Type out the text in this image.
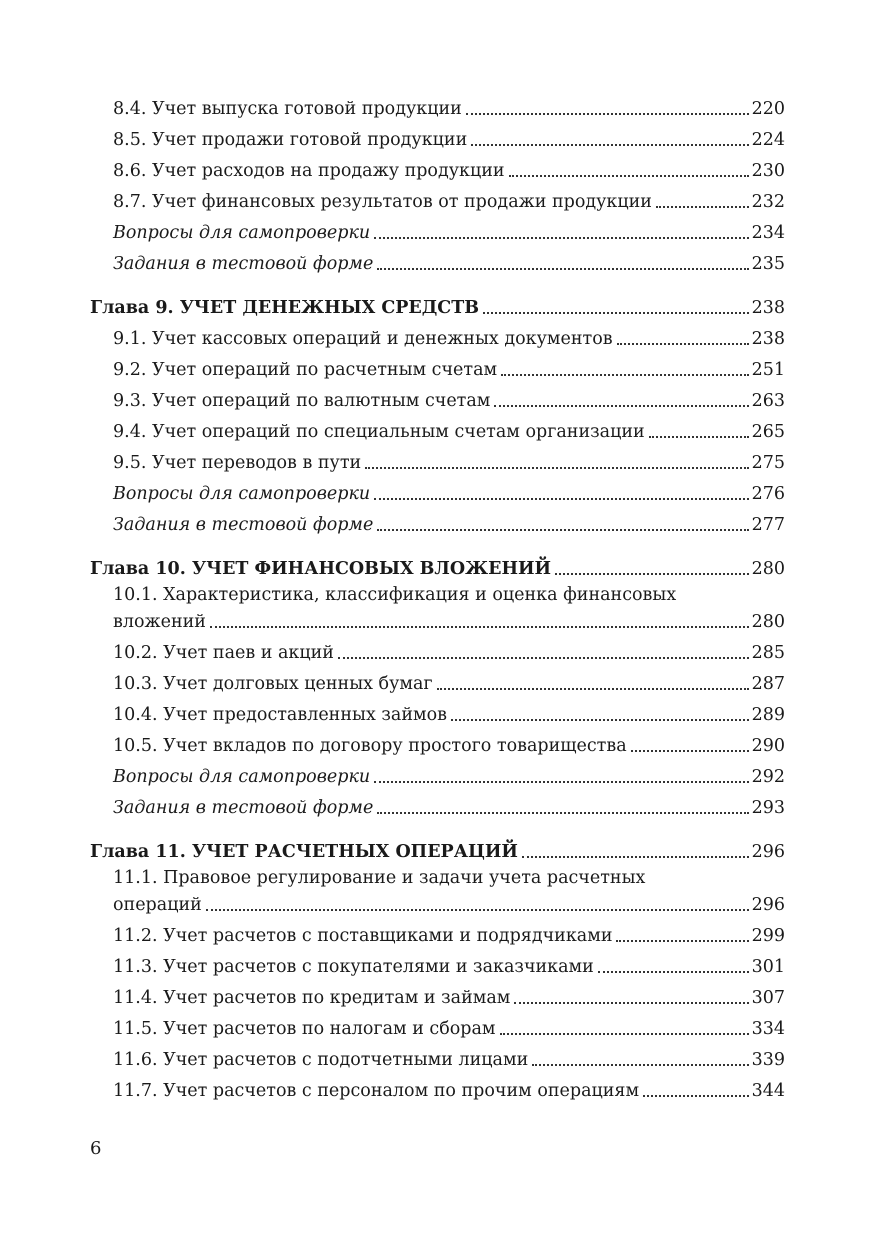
8.4. Учет выпуска готовой продукции	220
8.5. Учет продажи готовой продукции	224
8.6. Учет расходов на продажу продукции	230
8.7. Учет финансовых результатов от продажи продукции	232
Вопросы для самопроверки	234
Задания в тестовой форме	235
Глава 9. УЧЕТ ДЕНЕЖНЫХ СРЕДСТВ	238
9.1. Учет кассовых операций и денежных документов	238
9.2. Учет операций по расчетным счетам	251
9.3. Учет операций по валютным счетам	263
9.4. Учет операций по специальным счетам организации	265
9.5. Учет переводов в пути	275
Вопросы для самопроверки	276
Задания в тестовой форме	277
Глава 10. УЧЕТ ФИНАНСОВЫХ ВЛОЖЕНИЙ	280
10.1. Характеристика, классификация и оценка финансовых
вложений	280
10.2. Учет паев и акций	285
10.3. Учет долговых ценных бумаг	287
10.4. Учет предоставленных займов	289
10.5. Учет вкладов по договору простого товарищества	290
Вопросы для самопроверки	292
Задания в тестовой форме	293
Глава 11. УЧЕТ РАСЧЕТНЫХ ОПЕРАЦИЙ	296
11.1. Правовое регулирование и задачи учета расчетных
операций	296
11.2. Учет расчетов с поставщиками и подрядчиками	299
11.3. Учет расчетов с покупателями и заказчиками	301
11.4. Учет расчетов по кредитам и займам	307
11.5. Учет расчетов по налогам и сборам	334
11.6. Учет расчетов с подотчетными лицами	339
11.7. Учет расчетов с персоналом по прочим операциям	344
6
